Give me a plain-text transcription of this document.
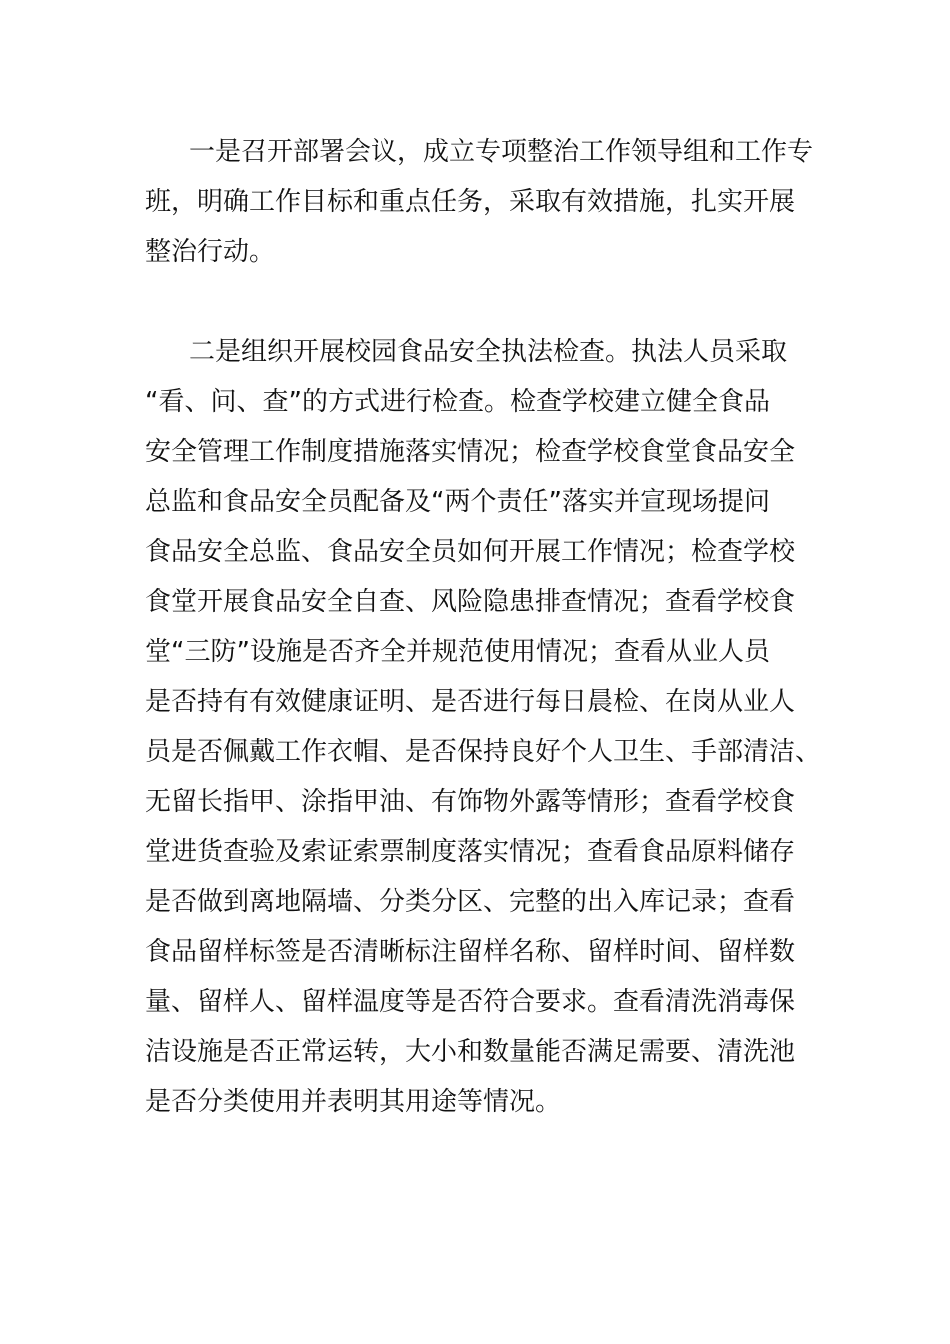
一是召开部署会议，成立专项整治工作领导组和工作专
班，明确工作目标和重点任务，采取有效措施，扎实开展
整治行动。
二是组织开展校园食品安全执法检查。执法人员采取
“看、问、查”的方式进行检查。检查学校建立健全食品
安全管理工作制度措施落实情况；检查学校食堂食品安全
总监和食品安全员配备及“两个责任”落实并宣现场提问
食品安全总监、食品安全员如何开展工作情况；检查学校
食堂开展食品安全自查、风险隐患排查情况；查看学校食
堂“三防”设施是否齐全并规范使用情况；查看从业人员
是否持有有效健康证明、是否进行每日晨检、在岗从业人
员是否佩戴工作衣帽、是否保持良好个人卫生、手部清洁、
无留长指甲、涂指甲油、有饰物外露等情形；查看学校食
堂进货查验及索证索票制度落实情况；查看食品原料储存
是否做到离地隔墙、分类分区、完整的出入库记录；查看
食品留样标签是否清晰标注留样名称、留样时间、留样数
量、留样人、留样温度等是否符合要求。查看清洗消毒保
洁设施是否正常运转，大小和数量能否满足需要、清洗池
是否分类使用并表明其用途等情况。
